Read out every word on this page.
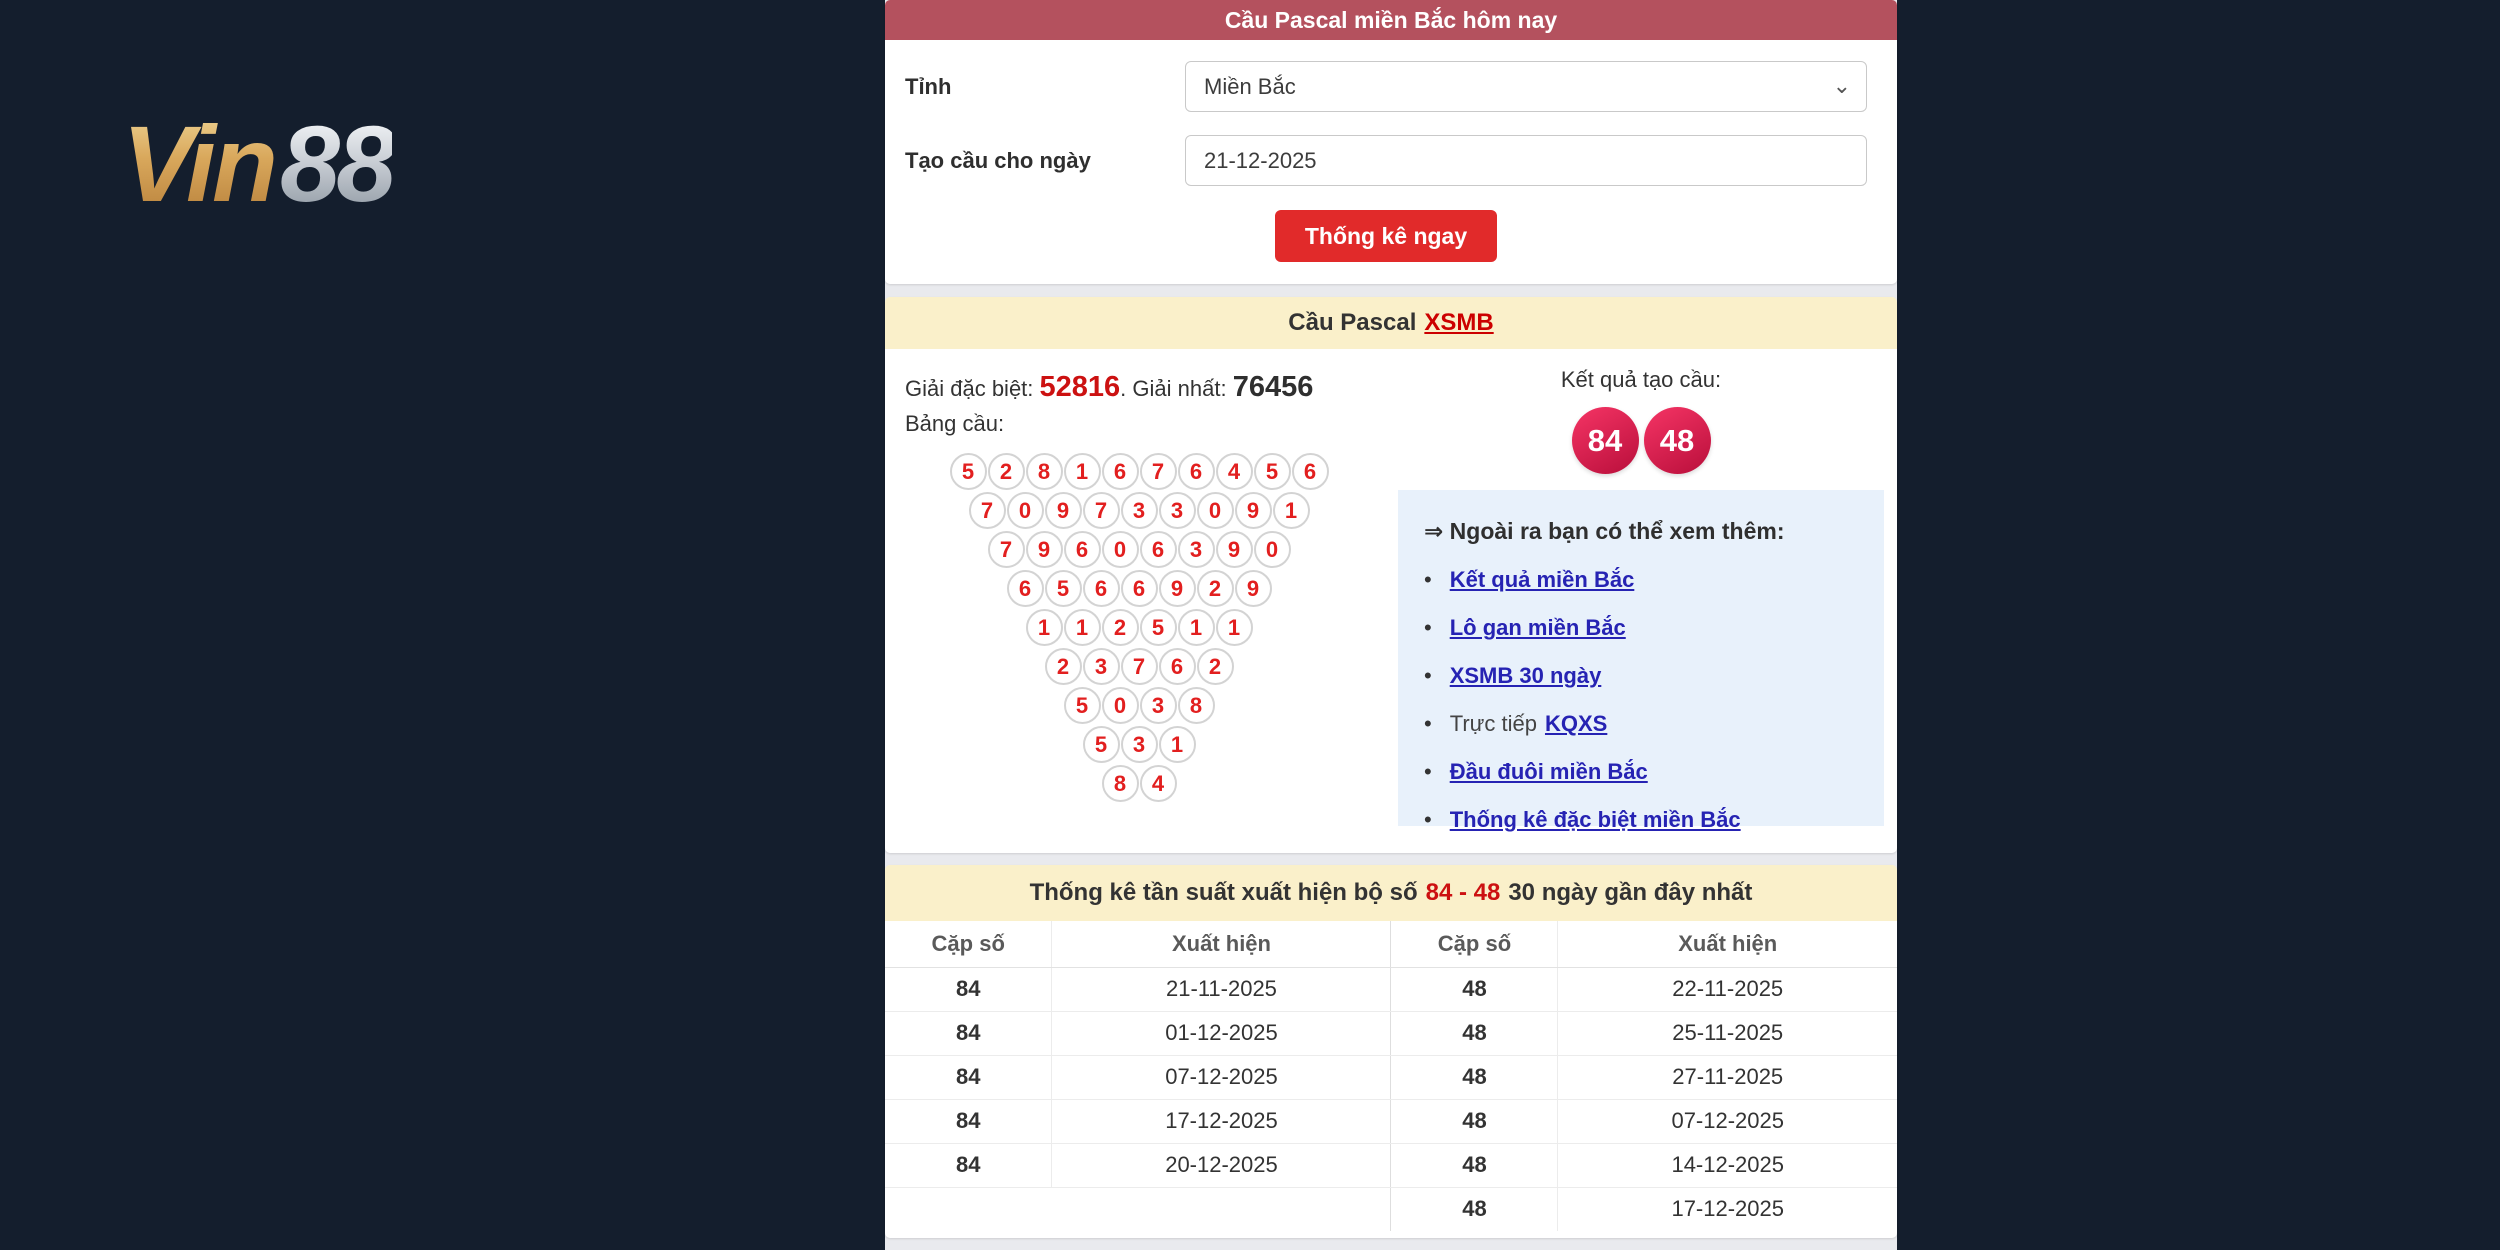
Vin88
Cầu Pascal miền Bắc hôm nay
Tỉnh
Miền Bắc	⌄
Tạo cầu cho ngày
21-12-2025
Thống kê ngay
Cầu Pascal XSMB
Giải đặc biệt: 52816. Giải nhất: 76456
Bảng cầu:
5	2	8	1	6	7	6	4	5	6
7	0	9	7	3	3	0	9	1
7	9	6	0	6	3	9	0
6	5	6	6	9	2	9
1	1	2	5	1	1
2	3	7	6	2
5	0	3	8
5	3	1
8	4
Kết quả tạo cầu:
84	48
⇒ Ngoài ra bạn có thể xem thêm:
• Kết quả miền Bắc
• Lô gan miền Bắc
• XSMB 30 ngày
• Trực tiếp KQXS
• Đầu đuôi miền Bắc
• Thống kê đặc biệt miền Bắc
Thống kê tần suất xuất hiện bộ số 84 - 48 30 ngày gần đây nhất
Cặp số	Xuất hiện	Cặp số	Xuất hiện
84	21-11-2025	48	22-11-2025
84	01-12-2025	48	25-11-2025
84	07-12-2025	48	27-11-2025
84	17-12-2025	48	07-12-2025
84	20-12-2025	48	14-12-2025
		48	17-12-2025
